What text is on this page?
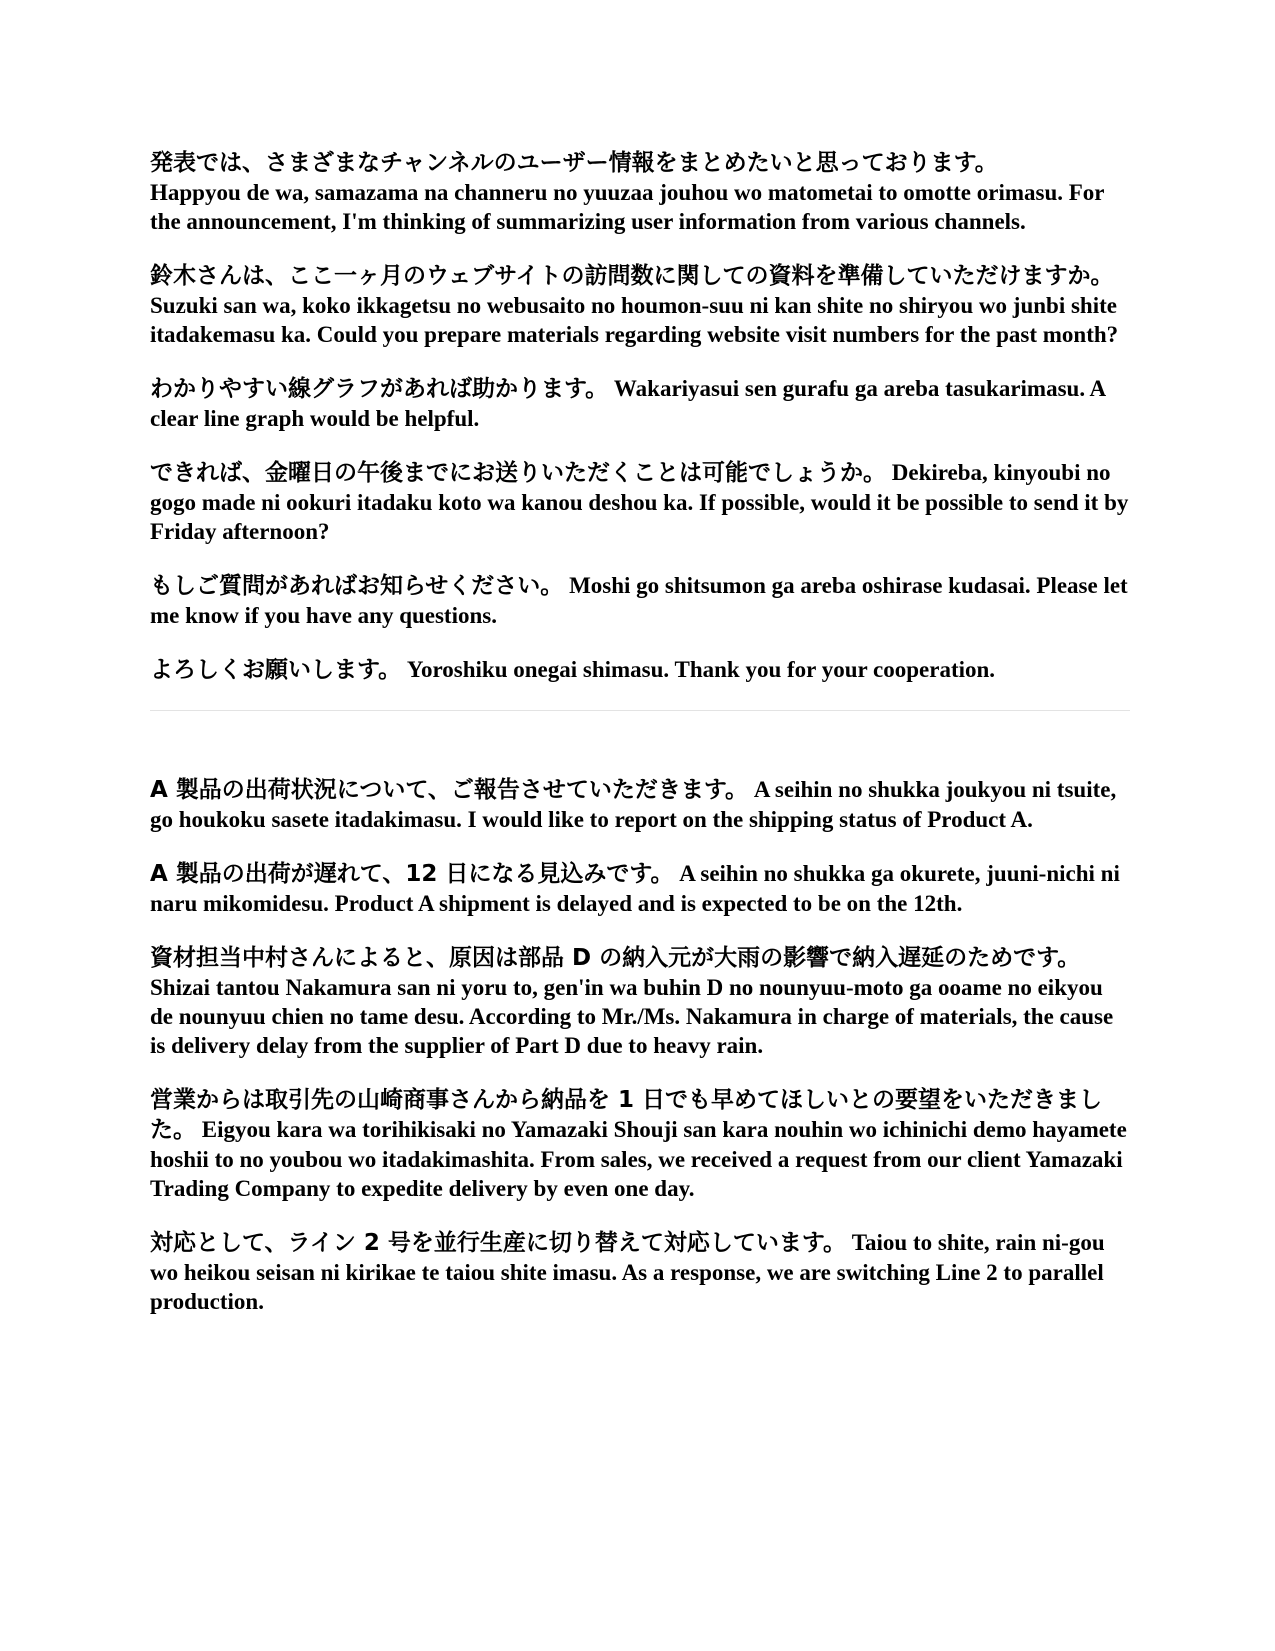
発表では、さまざまなチャンネルのユーザー情報をまとめたいと思っております。
Happyou de wa, samazama na channeru no yuuzaa jouhou wo matometai to omotte orimasu. For the announcement, I'm thinking of summarizing user information from various channels.

鈴木さんは、ここ一ヶ月のウェブサイトの訪問数に関しての資料を準備していただけますか。 Suzuki san wa, koko ikkagetsu no webusaito no houmon-suu ni kan shite no shiryou wo junbi shite itadakemasu ka. Could you prepare materials regarding website visit numbers for the past month?

わかりやすい線グラフがあれば助かります。 Wakariyasui sen gurafu ga areba tasukarimasu. A clear line graph would be helpful.

できれば、金曜日の午後までにお送りいただくことは可能でしょうか。 Dekireba, kinyoubi no gogo made ni ookuri itadaku koto wa kanou deshou ka. If possible, would it be possible to send it by Friday afternoon?

もしご質問があればお知らせください。 Moshi go shitsumon ga areba oshirase kudasai. Please let me know if you have any questions.

よろしくお願いします。 Yoroshiku onegai shimasu. Thank you for your cooperation.

A 製品の出荷状況について、ご報告させていただきます。 A seihin no shukka joukyou ni tsuite, go houkoku sasete itadakimasu. I would like to report on the shipping status of Product A.

A 製品の出荷が遅れて、12 日になる見込みです。 A seihin no shukka ga okurete, juuni-nichi ni naru mikomidesu. Product A shipment is delayed and is expected to be on the 12th.

資材担当中村さんによると、原因は部品 D の納入元が大雨の影響で納入遅延のためです。 Shizai tantou Nakamura san ni yoru to, gen'in wa buhin D no nounyuu-moto ga ooame no eikyou de nounyuu chien no tame desu. According to Mr./Ms. Nakamura in charge of materials, the cause is delivery delay from the supplier of Part D due to heavy rain.

営業からは取引先の山崎商事さんから納品を 1 日でも早めてほしいとの要望をいただきました。 Eigyou kara wa torihikisaki no Yamazaki Shouji san kara nouhin wo ichinichi demo hayamete hoshii to no youbou wo itadakimashita. From sales, we received a request from our client Yamazaki Trading Company to expedite delivery by even one day.

対応として、ライン 2 号を並行生産に切り替えて対応しています。 Taiou to shite, rain ni-gou wo heikou seisan ni kirikae te taiou shite imasu. As a response, we are switching Line 2 to parallel production.
